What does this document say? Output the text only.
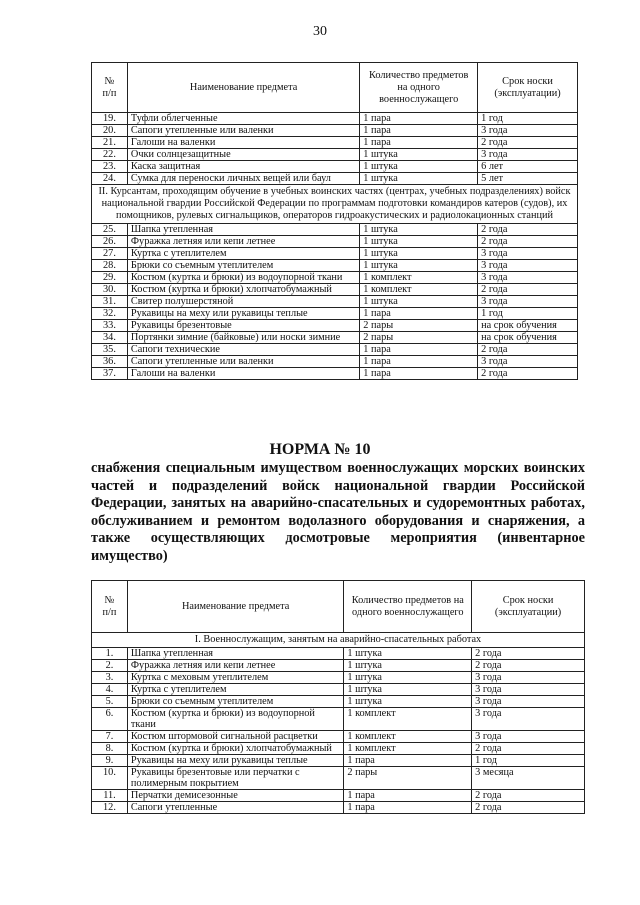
30
№
п/п	Наименование предмета	Количество предметов на одного военнослужащего	Срок носки (эксплуатации)
19.	Туфли облегченные	1 пара	1 год
20.	Сапоги утепленные или валенки	1 пара	3 года
21.	Галоши на валенки	1 пара	2 года
22.	Очки солнцезащитные	1 штука	3 года
23.	Каска защитная	1 штука	6 лет
24.	Сумка для переноски личных вещей или баул	1 штука	5 лет
II. Курсантам, проходящим обучение в учебных воинских частях (центрах, учебных подразделениях) войск национальной гвардии Российской Федерации по программам подготовки командиров катеров (судов), их помощников, рулевых сигнальщиков, операторов гидроакустических и радиолокационных станций			
25.	Шапка утепленная	1 штука	2 года
26.	Фуражка летняя или кепи летнее	1 штука	2 года
27.	Куртка с утеплителем	1 штука	3 года
28.	Брюки со съемным утеплителем	1 штука	3 года
29.	Костюм (куртка и брюки) из водоупорной ткани	1 комплект	3 года
30.	Костюм (куртка и брюки) хлопчатобумажный	1 комплект	2 года
31.	Свитер полушерстяной	1 штука	3 года
32.	Рукавицы на меху или рукавицы теплые	1 пара	1 год
33.	Рукавицы брезентовые	2 пары	на срок обучения
34.	Портянки зимние (байковые) или носки зимние	2 пары	на срок обучения
35.	Сапоги технические	1 пара	2 года
36.	Сапоги утепленные или валенки	1 пара	3 года
37.	Галоши на валенки	1 пара	2 года
НОРМА № 10
снабжения специальным имуществом военнослужащих морских воинских частей и подразделений войск национальной гвардии Российской Федерации, занятых на аварийно-спасательных и судоремонтных работах, обслуживанием и ремонтом водолазного оборудования и снаряжения, а также осуществляющих досмотровые мероприятия (инвентарное имущество)
№
п/п	Наименование предмета	Количество предметов на одного военнослужащего	Срок носки (эксплуатации)
I. Военнослужащим, занятым на аварийно-спасательных работах			
1.	Шапка утепленная	1 штука	2 года
2.	Фуражка летняя или кепи летнее	1 штука	2 года
3.	Куртка с меховым утеплителем	1 штука	3 года
4.	Куртка с утеплителем	1 штука	3 года
5.	Брюки со съемным утеплителем	1 штука	3 года
6.	Костюм (куртка и брюки) из водоупорной ткани	1 комплект	3 года
7.	Костюм штормовой сигнальной расцветки	1 комплект	3 года
8.	Костюм (куртка и брюки) хлопчатобумажный	1 комплект	2 года
9.	Рукавицы на меху или рукавицы теплые	1 пара	1 год
10.	Рукавицы брезентовые или перчатки с полимерным покрытием	2 пары	3 месяца
11.	Перчатки демисезонные	1 пара	2 года
12.	Сапоги утепленные	1 пара	2 года
